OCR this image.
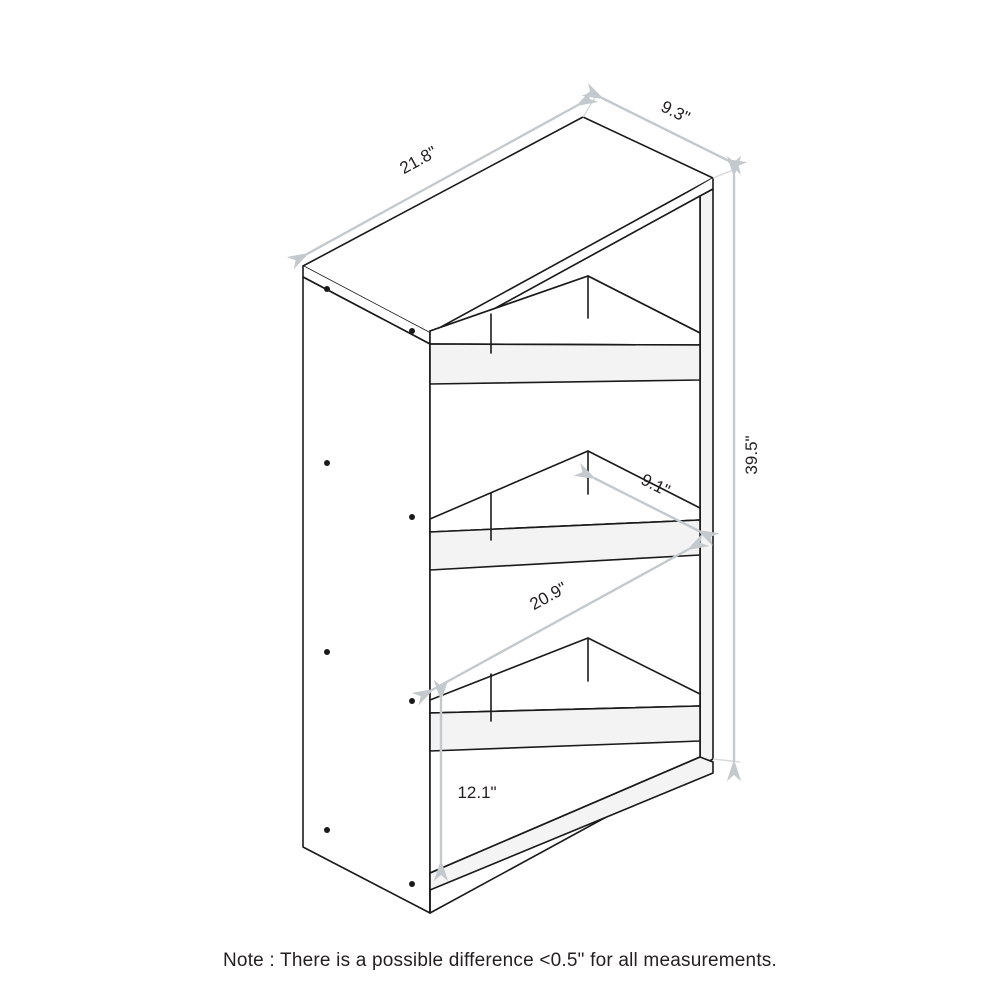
21.8"
9.3"
39.5"
9.1"
20.9"
12.1"
Note : There is a possible difference <0.5" for all measurements.
